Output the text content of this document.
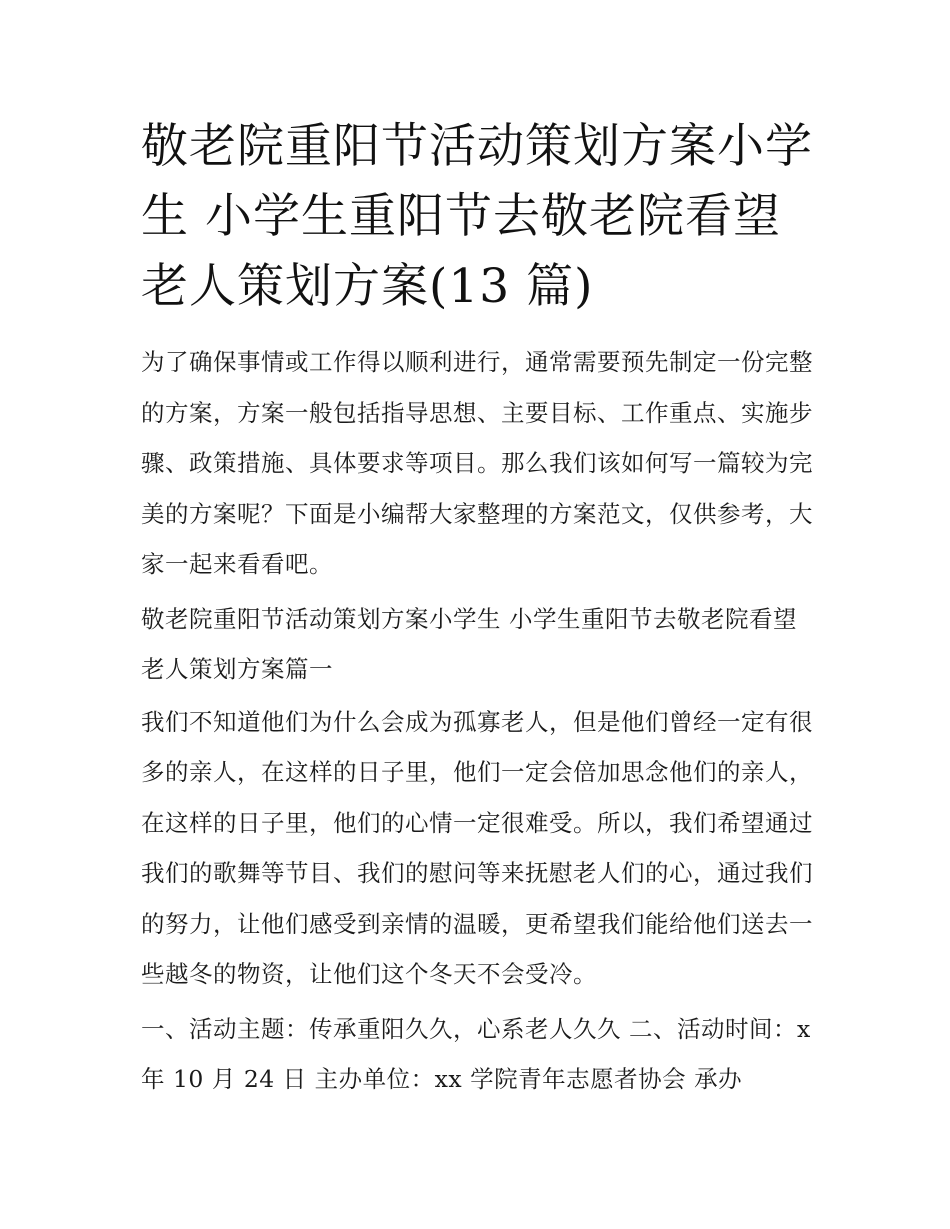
敬老院重阳节活动策划方案小学生 小学生重阳节去敬老院看望老人策划方案(13 篇)

为了确保事情或工作得以顺利进行，通常需要预先制定一份完整的方案，方案一般包括指导思想、主要目标、工作重点、实施步骤、政策措施、具体要求等项目。那么我们该如何写一篇较为完美的方案呢？下面是小编帮大家整理的方案范文，仅供参考，大家一起来看看吧。

敬老院重阳节活动策划方案小学生 小学生重阳节去敬老院看望老人策划方案篇一

我们不知道他们为什么会成为孤寡老人，但是他们曾经一定有很多的亲人，在这样的日子里，他们一定会倍加思念他们的亲人，在这样的日子里，他们的心情一定很难受。所以，我们希望通过我们的歌舞等节目、我们的慰问等来抚慰老人们的心，通过我们的努力，让他们感受到亲情的温暖，更希望我们能给他们送去一些越冬的物资，让他们这个冬天不会受冷。

一、活动主题：传承重阳久久，心系老人久久 二、活动时间：x 年 10 月 24 日 主办单位：xx 学院青年志愿者协会 承办
